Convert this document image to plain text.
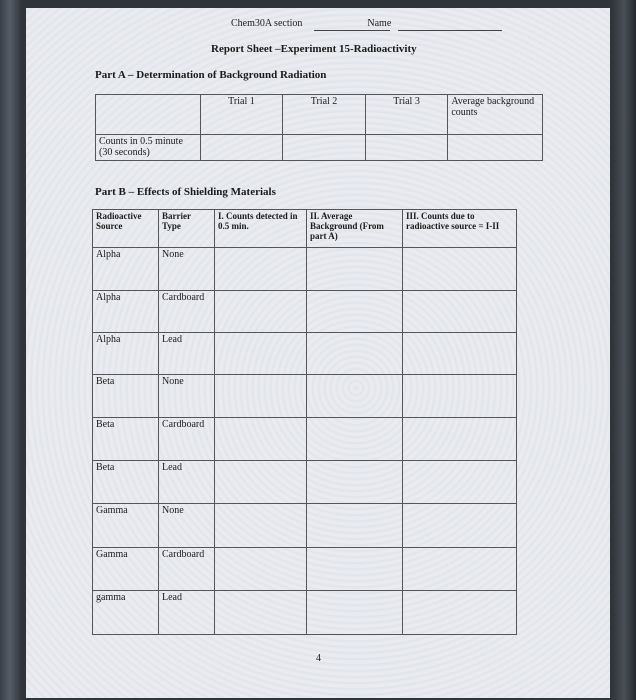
Chem30A section	Name
Report Sheet –Experiment 15-Radioactivity
Part A – Determination of Background Radiation
	Trial 1	Trial 2	Trial 3	Average background counts
Counts in 0.5 minute (30 seconds)				
Part B – Effects of Shielding Materials
Radioactive Source	Barrier Type	I. Counts detected in 0.5 min.	II. Average Background (From part A)	III. Counts due to radioactive source = I-II
Alpha	None			
Alpha	Cardboard			
Alpha	Lead			
Beta	None			
Beta	Cardboard			
Beta	Lead			
Gamma	None			
Gamma	Cardboard			
gamma	Lead			
4
